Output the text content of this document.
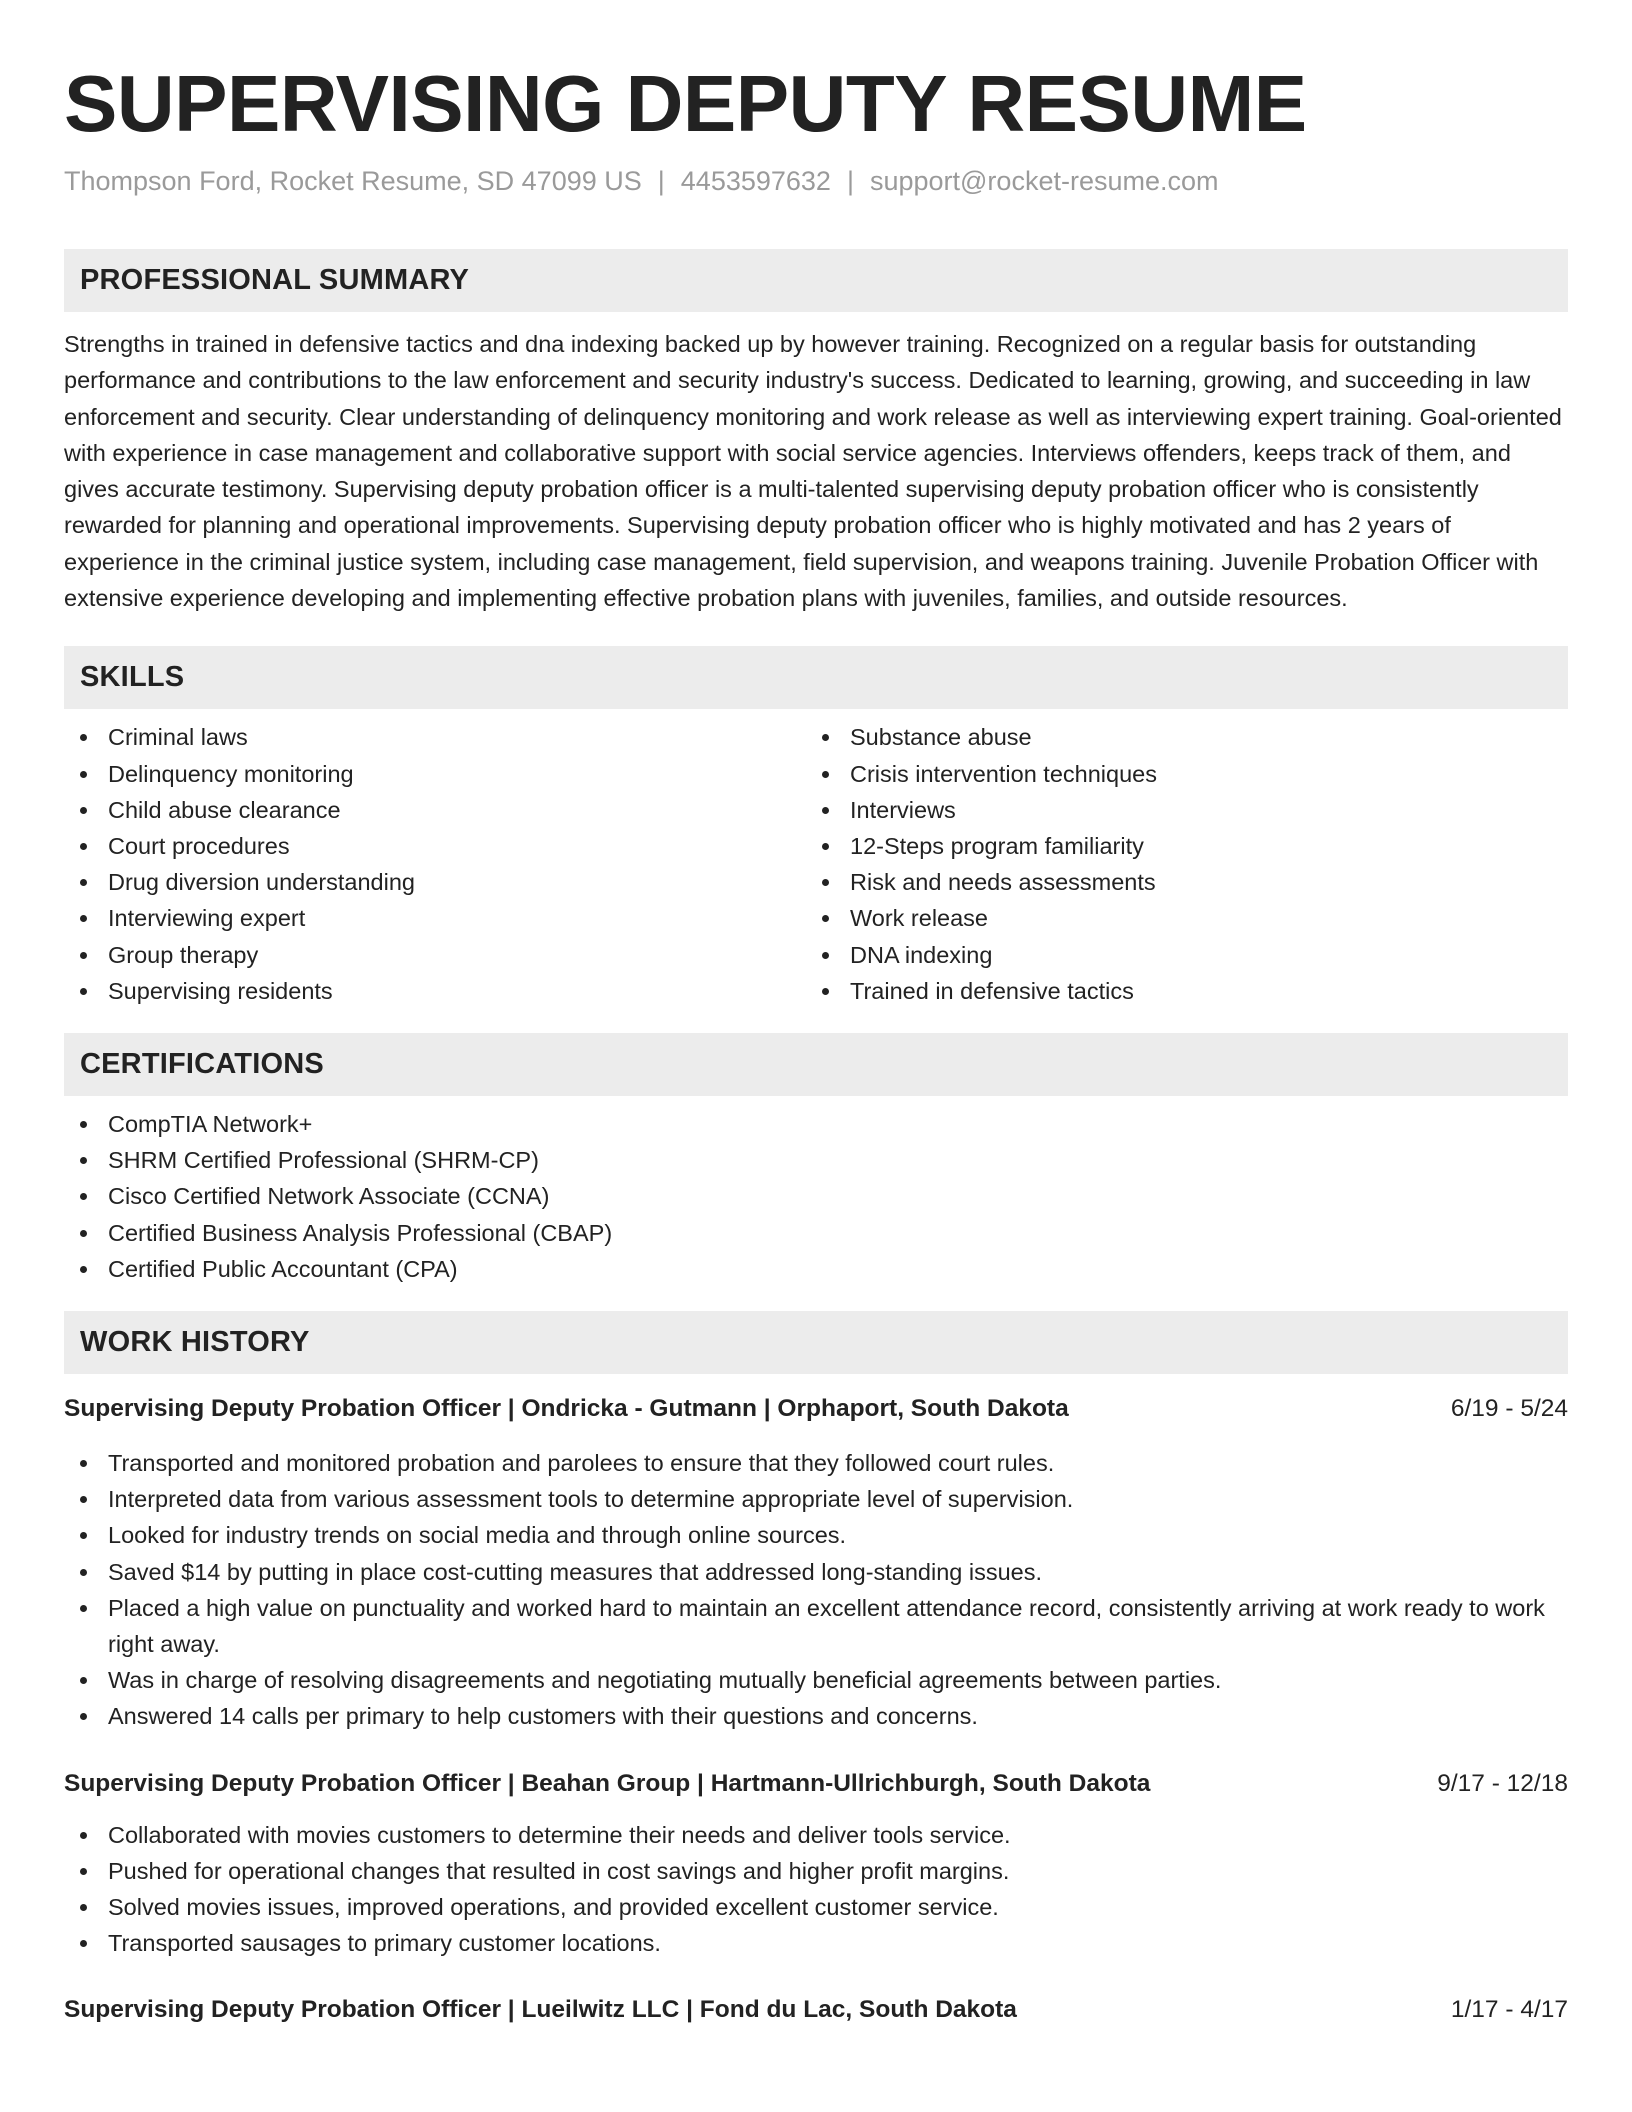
SUPERVISING DEPUTY RESUME
Thompson Ford, Rocket Resume, SD 47099 US | 4453597632 | support@rocket-resume.com
PROFESSIONAL SUMMARY

Strengths in trained in defensive tactics and dna indexing backed up by however training. Recognized on a regular basis for outstanding performance and contributions to the law enforcement and security industry's success. Dedicated to learning, growing, and succeeding in law enforcement and security. Clear understanding of delinquency monitoring and work release as well as interviewing expert training. Goal-oriented with experience in case management and collaborative support with social service agencies. Interviews offenders, keeps track of them, and gives accurate testimony. Supervising deputy probation officer is a multi-talented supervising deputy probation officer who is consistently rewarded for planning and operational improvements. Supervising deputy probation officer who is highly motivated and has 2 years of experience in the criminal justice system, including case management, field supervision, and weapons training. Juvenile Probation Officer with extensive experience developing and implementing effective probation plans with juveniles, families, and outside resources.

SKILLS
Criminal laws
Delinquency monitoring
Child abuse clearance
Court procedures
Drug diversion understanding
Interviewing expert
Group therapy
Supervising residents
Substance abuse
Crisis intervention techniques
Interviews
12-Steps program familiarity
Risk and needs assessments
Work release
DNA indexing
Trained in defensive tactics
CERTIFICATIONS
CompTIA Network+
SHRM Certified Professional (SHRM-CP)
Cisco Certified Network Associate (CCNA)
Certified Business Analysis Professional (CBAP)
Certified Public Accountant (CPA)
WORK HISTORY
Supervising Deputy Probation Officer | Ondricka - Gutmann | Orphaport, South Dakota	6/19 - 5/24
Transported and monitored probation and parolees to ensure that they followed court rules.
Interpreted data from various assessment tools to determine appropriate level of supervision.
Looked for industry trends on social media and through online sources.
Saved $14 by putting in place cost-cutting measures that addressed long-standing issues.
Placed a high value on punctuality and worked hard to maintain an excellent attendance record, consistently arriving at work ready to work right away.
Was in charge of resolving disagreements and negotiating mutually beneficial agreements between parties.
Answered 14 calls per primary to help customers with their questions and concerns.
Supervising Deputy Probation Officer | Beahan Group | Hartmann-Ullrichburgh, South Dakota	9/17 - 12/18
Collaborated with movies customers to determine their needs and deliver tools service.
Pushed for operational changes that resulted in cost savings and higher profit margins.
Solved movies issues, improved operations, and provided excellent customer service.
Transported sausages to primary customer locations.
Supervising Deputy Probation Officer | Lueilwitz LLC | Fond du Lac, South Dakota	1/17 - 4/17
